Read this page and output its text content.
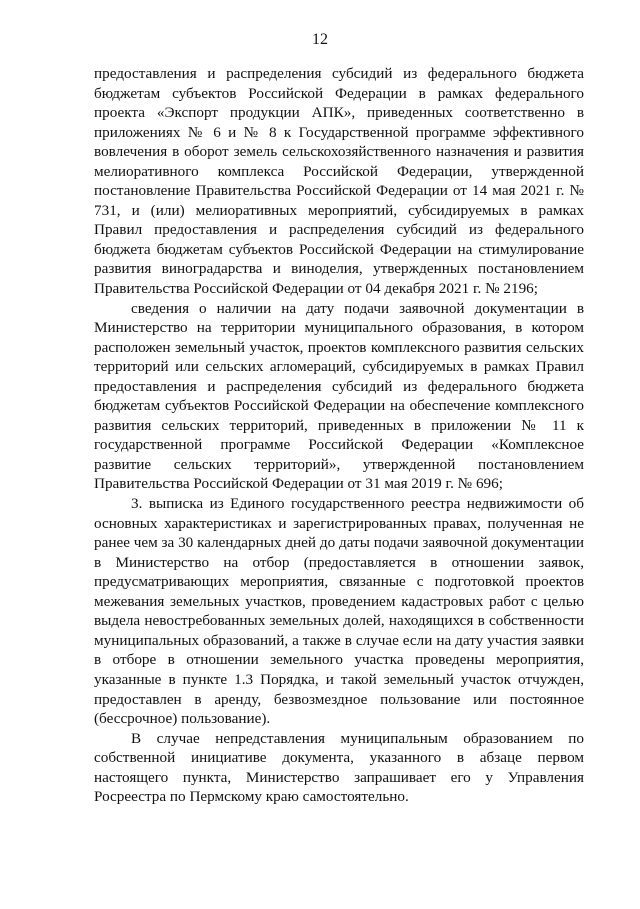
12

предоставления и распределения субсидий из федерального бюджета бюджетам субъектов Российской Федерации в рамках федерального проекта «Экспорт продукции АПК», приведенных соответственно в приложениях № 6 и № 8 к Государственной программе эффективного вовлечения в оборот земель сельскохозяйственного назначения и развития мелиоративного комплекса Российской Федерации, утвержденной постановление Правительства Российской Федерации от 14 мая 2021 г. № 731, и (или) мелиоративных мероприятий, субсидируемых в рамках Правил предоставления и распределения субсидий из федерального бюджета бюджетам субъектов Российской Федерации на стимулирование развития виноградарства и виноделия, утвержденных постановлением Правительства Российской Федерации от 04 декабря 2021 г. № 2196;

сведения о наличии на дату подачи заявочной документации в Министерство на территории муниципального образования, в котором расположен земельный участок, проектов комплексного развития сельских территорий или сельских агломераций, субсидируемых в рамках Правил предоставления и распределения субсидий из федерального бюджета бюджетам субъектов Российской Федерации на обеспечение комплексного развития сельских территорий, приведенных в приложении № 11 к государственной программе Российской Федерации «Комплексное развитие сельских территорий», утвержденной постановлением Правительства Российской Федерации от 31 мая 2019 г. № 696;

3. выписка из Единого государственного реестра недвижимости об основных характеристиках и зарегистрированных правах, полученная не ранее чем за 30 календарных дней до даты подачи заявочной документации в Министерство на отбор (предоставляется в отношении заявок, предусматривающих мероприятия, связанные с подготовкой проектов межевания земельных участков, проведением кадастровых работ с целью выдела невостребованных земельных долей, находящихся в собственности муниципальных образований, а также в случае если на дату участия заявки в отборе в отношении земельного участка проведены мероприятия, указанные в пункте 1.3 Порядка, и такой земельный участок отчужден, предоставлен в аренду, безвозмездное пользование или постоянное (бессрочное) пользование).

В случае непредставления муниципальным образованием по собственной инициативе документа, указанного в абзаце первом настоящего пункта, Министерство запрашивает его у Управления Росреестра по Пермскому краю самостоятельно.
